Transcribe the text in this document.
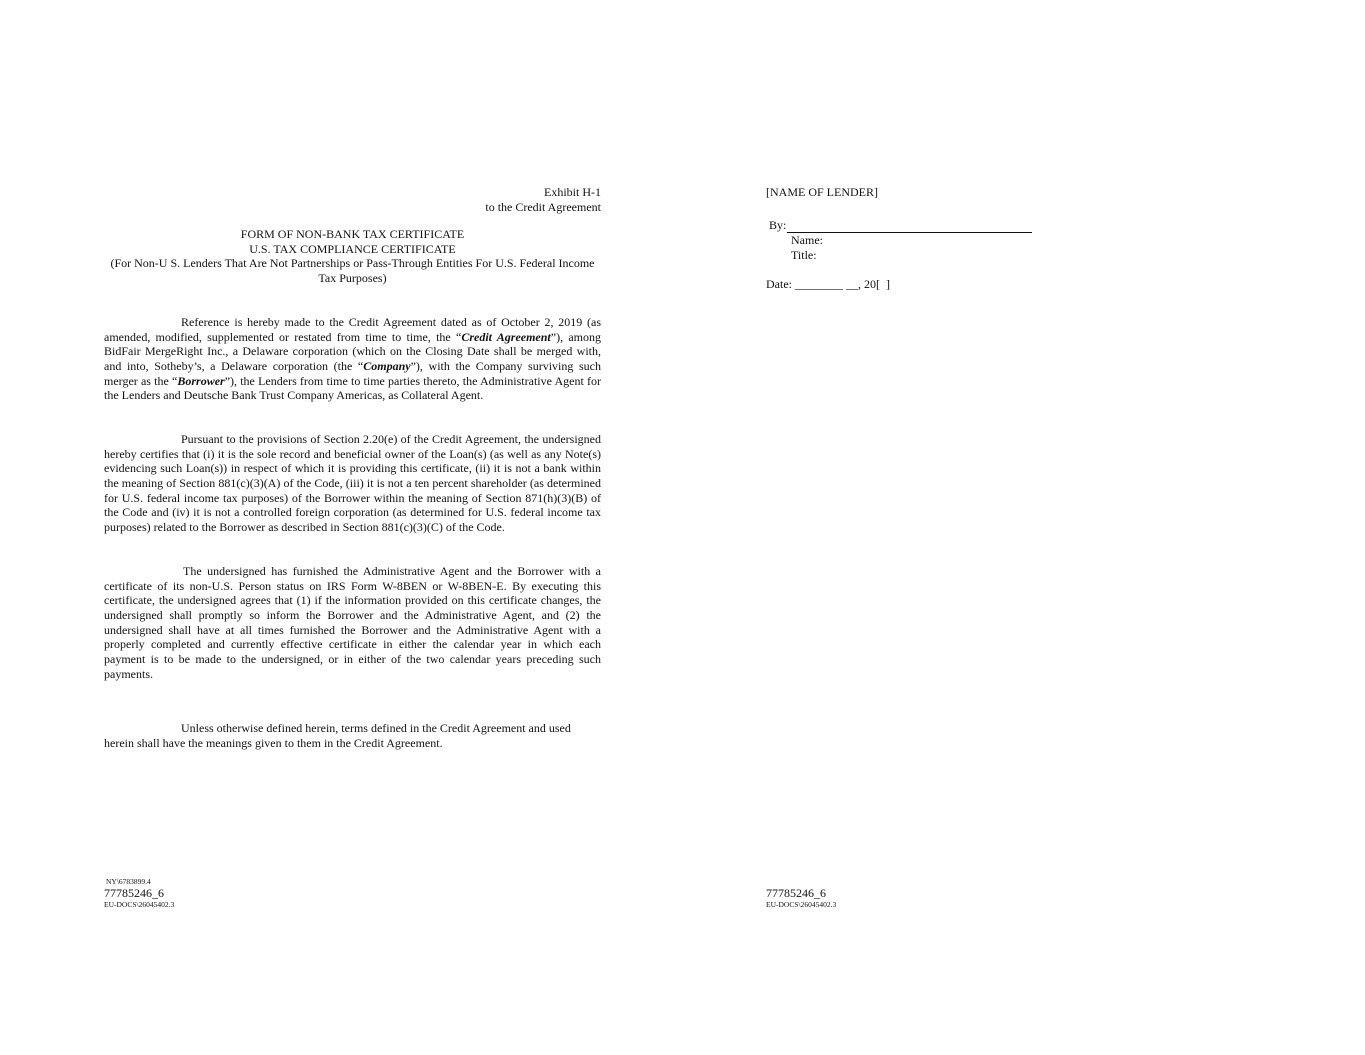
Exhibit H-1
to the Credit Agreement
FORM OF NON-BANK TAX CERTIFICATE
U.S. TAX COMPLIANCE CERTIFICATE
(For Non-U S. Lenders That Are Not Partnerships or Pass-Through Entities For U.S. Federal Income Tax Purposes)

Reference is hereby made to the Credit Agreement dated as of October 2, 2019 (as amended, modified, supplemented or restated from time to time, the “Credit Agreement”), among BidFair MergeRight Inc., a Delaware corporation (which on the Closing Date shall be merged with, and into, Sotheby’s, a Delaware corporation (the “Company”), with the Company surviving such merger as the “Borrower”), the Lenders from time to time parties thereto, the Administrative Agent for the Lenders and Deutsche Bank Trust Company Americas, as Collateral Agent.

Pursuant to the provisions of Section 2.20(e) of the Credit Agreement, the undersigned hereby certifies that (i) it is the sole record and beneficial owner of the Loan(s) (as well as any Note(s) evidencing such Loan(s)) in respect of which it is providing this certificate, (ii) it is not a bank within the meaning of Section 881(c)(3)(A) of the Code, (iii) it is not a ten percent shareholder (as determined for U.S. federal income tax purposes) of the Borrower within the meaning of Section 871(h)(3)(B) of the Code and (iv) it is not a controlled foreign corporation (as determined for U.S. federal income tax purposes) related to the Borrower as described in Section 881(c)(3)(C) of the Code.

The undersigned has furnished the Administrative Agent and the Borrower with a certificate of its non-U.S. Person status on IRS Form W-8BEN or W-8BEN-E. By executing this certificate, the undersigned agrees that (1) if the information provided on this certificate changes, the undersigned shall promptly so inform the Borrower and the Administrative Agent, and (2) the undersigned shall have at all times furnished the Borrower and the Administrative Agent with a properly completed and currently effective certificate in either the calendar year in which each payment is to be made to the undersigned, or in either of the two calendar years preceding such payments.

Unless otherwise defined herein, terms defined in the Credit Agreement and used herein shall have the meanings given to them in the Credit Agreement.

NY\6783899.4
77785246_6
EU-DOCS\26045402.3
[NAME OF LENDER]
By:
Name:
Title:
Date: ________ __, 20[  ]
77785246_6
EU-DOCS\26045402.3
